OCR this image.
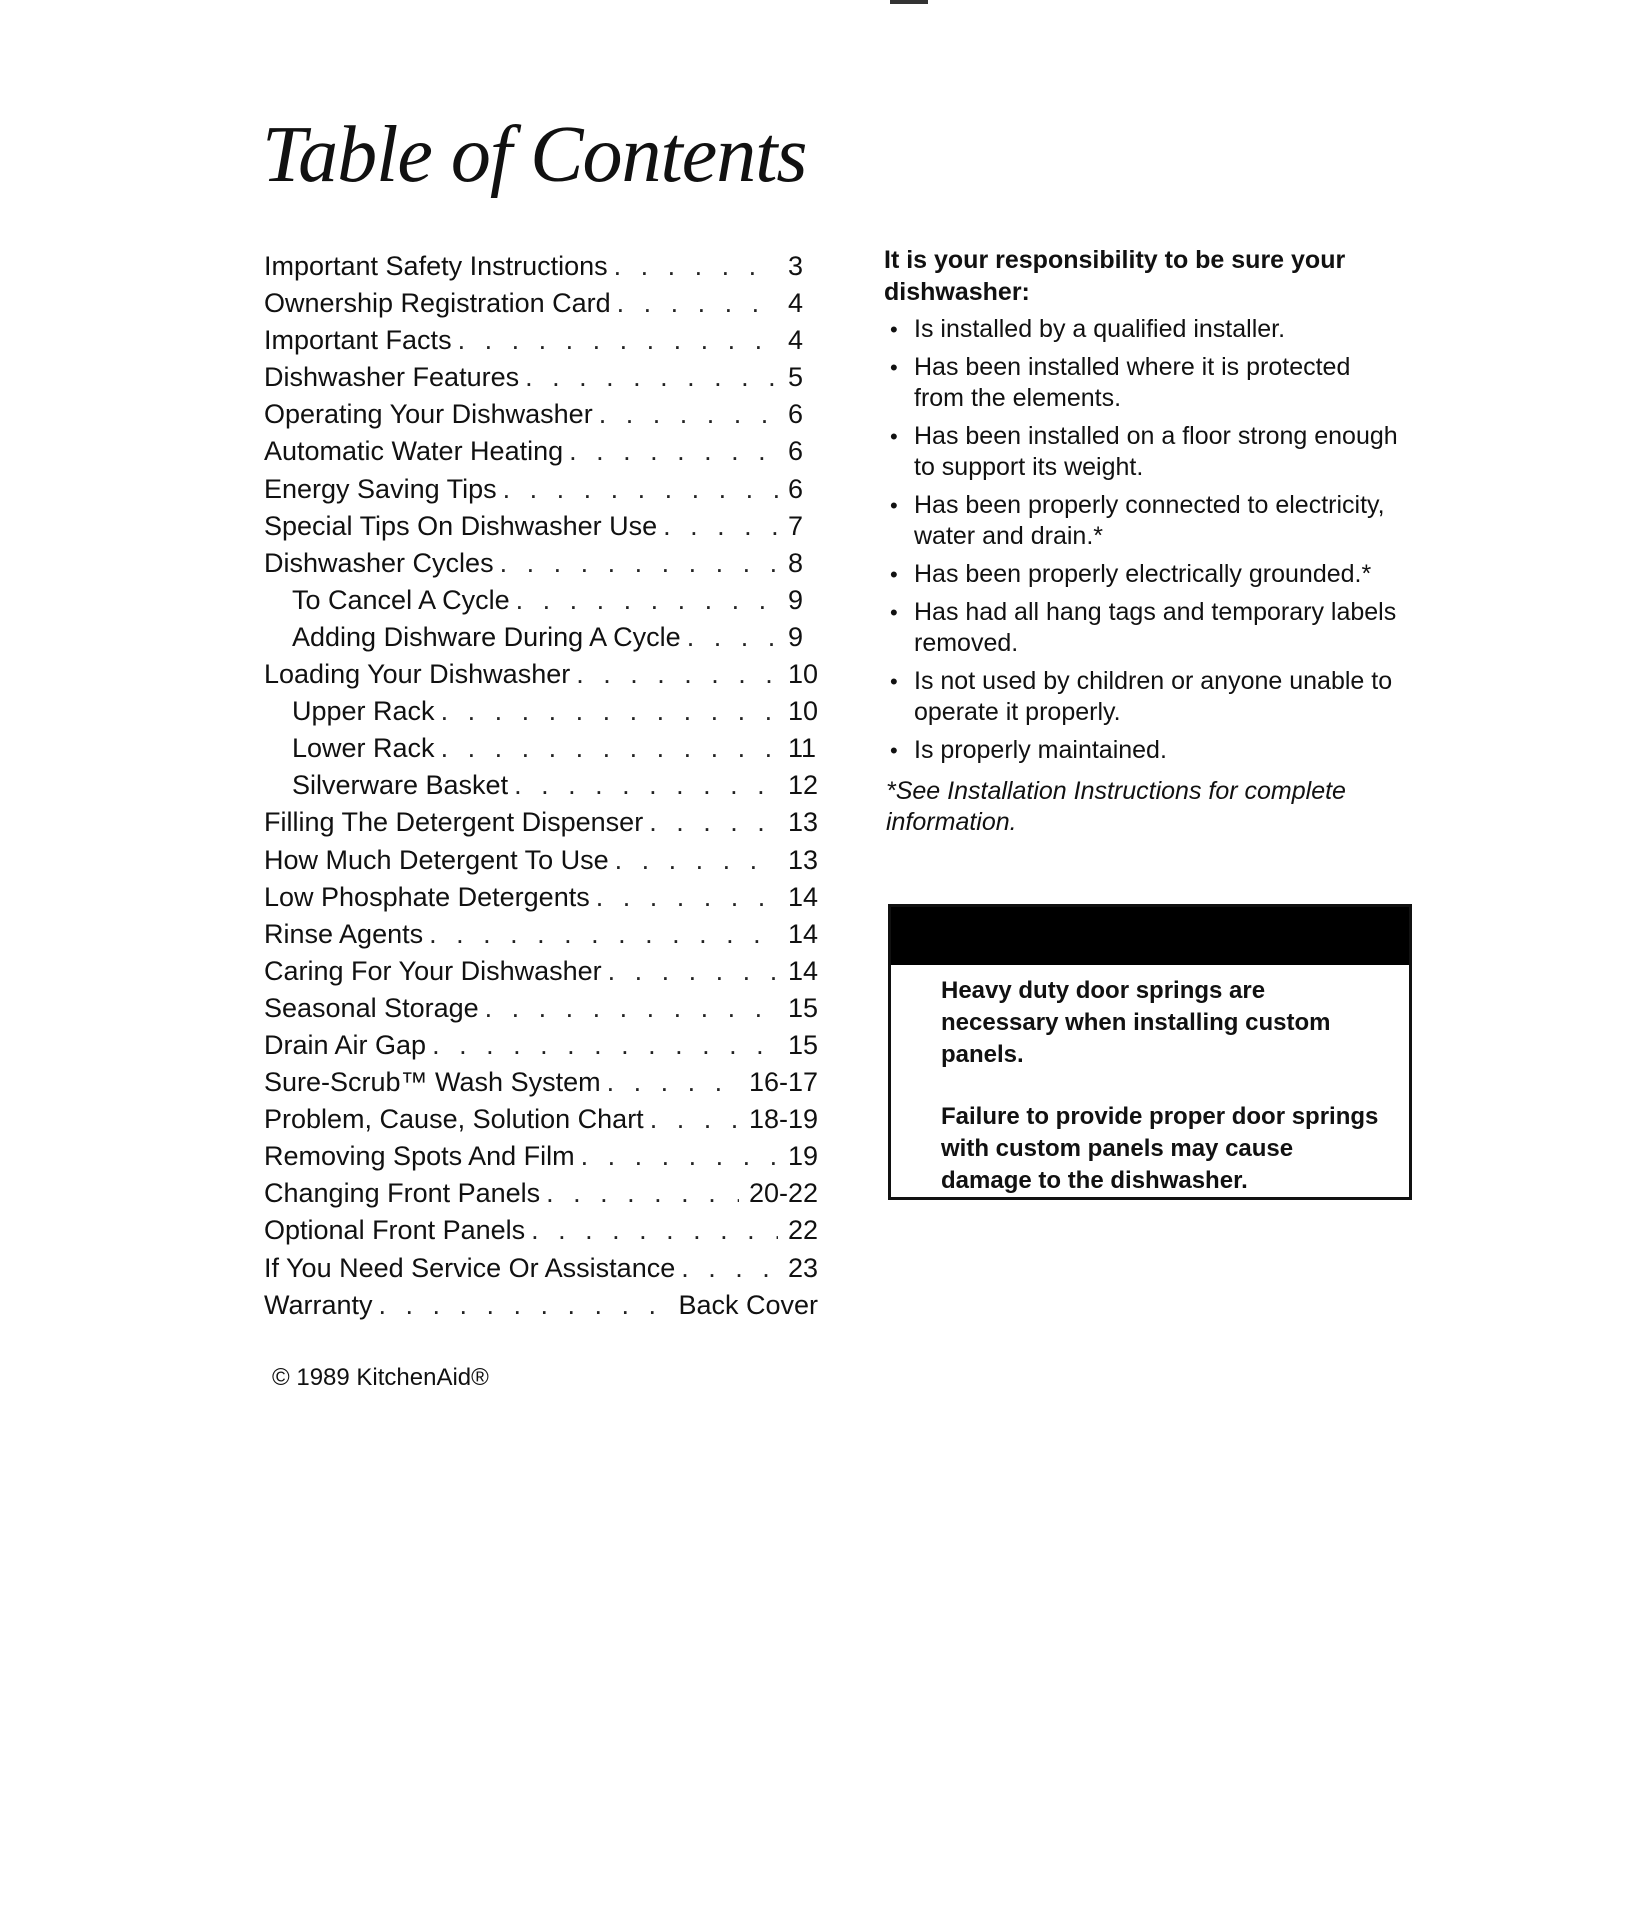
Table of Contents
Important Safety Instructions . . .	3
Ownership Registration Card . . .	4
Important Facts . . .	4
Dishwasher Features . . .	5
Operating Your Dishwasher . . .	6
Automatic Water Heating . . .	6
Energy Saving Tips . . .	6
Special Tips On Dishwasher Use . . .	7
Dishwasher Cycles . . .	8
To Cancel A Cycle . . .	9
Adding Dishware During A Cycle . . .	9
Loading Your Dishwasher . . .	10
Upper Rack . . .	10
Lower Rack . . .	11
Silverware Basket . . .	12
Filling The Detergent Dispenser . . .	13
How Much Detergent To Use . . .	13
Low Phosphate Detergents . . .	14
Rinse Agents . . .	14
Caring For Your Dishwasher . . .	14
Seasonal Storage . . .	15
Drain Air Gap . . .	15
Sure-Scrub™ Wash System . . .	16-17
Problem, Cause, Solution Chart . . .	18-19
Removing Spots And Film . . .	19
Changing Front Panels . . .	20-22
Optional Front Panels . . .	22
If You Need Service Or Assistance . . .	23
Warranty . . .	Back Cover
© 1989 KitchenAid®

It is your responsibility to be sure your dishwasher:

• Is installed by a qualified installer.
• Has been installed where it is protected from the elements.
• Has been installed on a floor strong enough to support its weight.
• Has been properly connected to electricity, water and drain.*
• Has been properly electrically grounded.*
• Has had all hang tags and temporary labels removed.
• Is not used by children or anyone unable to operate it properly.
• Is properly maintained.

*See Installation Instructions for complete information.

Heavy duty door springs are necessary when installing custom panels.

Failure to provide proper door springs with custom panels may cause damage to the dishwasher.
